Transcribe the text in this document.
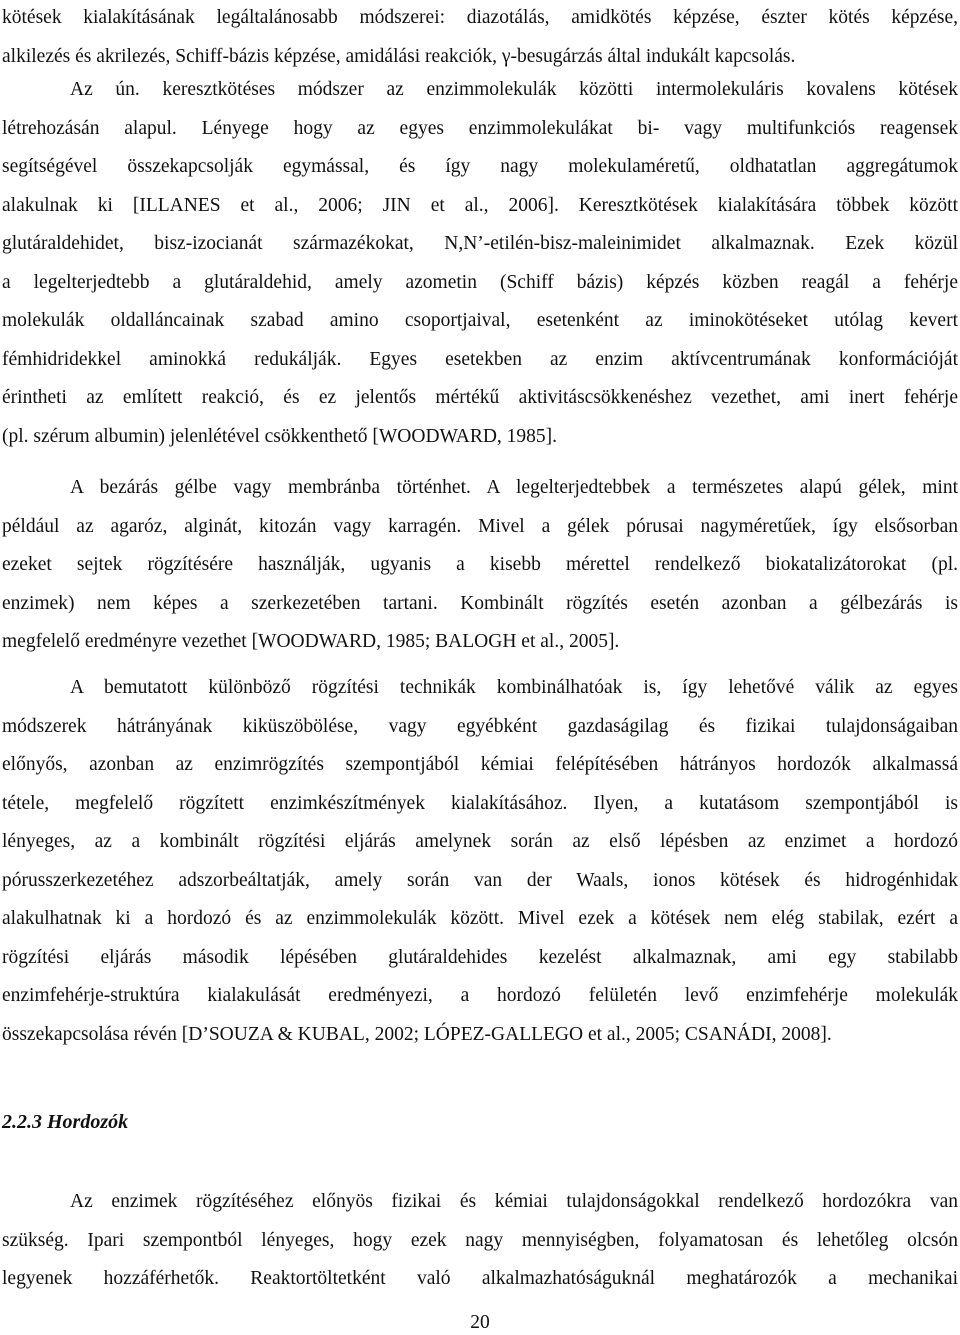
kötések kialakításának legáltalánosabb módszerei: diazotálás, amidkötés képzése, észter kötés képzése,
alkilezés és akrilezés, Schiff-bázis képzése, amidálási reakciók, γ-besugárzás által indukált kapcsolás.
Az ún. keresztkötéses módszer az enzimmolekulák közötti intermolekuláris kovalens kötések
létrehozásán alapul. Lényege hogy az egyes enzimmolekulákat bi- vagy multifunkciós reagensek
segítségével összekapcsolják egymással, és így nagy molekulaméretű, oldhatatlan aggregátumok
alakulnak ki [ILLANES et al., 2006; JIN et al., 2006]. Keresztkötések kialakítására többek között
glutáraldehidet, bisz-izocianát származékokat, N,N’-etilén-bisz-maleinimidet alkalmaznak. Ezek közül
a legelterjedtebb a glutáraldehid, amely azometin (Schiff bázis) képzés közben reagál a fehérje
molekulák oldalláncainak szabad amino csoportjaival, esetenként az iminokötéseket utólag kevert
fémhidridekkel aminokká redukálják. Egyes esetekben az enzim aktívcentrumának konformációját
érintheti az említett reakció, és ez jelentős mértékű aktivitáscsökkenéshez vezethet, ami inert fehérje
(pl. szérum albumin) jelenlétével csökkenthető [WOODWARD, 1985].
A bezárás gélbe vagy membránba történhet. A legelterjedtebbek a természetes alapú gélek, mint
például az agaróz, alginát, kitozán vagy karragén. Mivel a gélek pórusai nagyméretűek, így elsősorban
ezeket sejtek rögzítésére használják, ugyanis a kisebb mérettel rendelkező biokatalizátorokat (pl.
enzimek) nem képes a szerkezetében tartani. Kombinált rögzítés esetén azonban a gélbezárás is
megfelelő eredményre vezethet [WOODWARD, 1985; BALOGH et al., 2005].
A bemutatott különböző rögzítési technikák kombinálhatóak is, így lehetővé válik az egyes
módszerek hátrányának kiküszöbölése, vagy egyébként gazdaságilag és fizikai tulajdonságaiban
előnyős, azonban az enzimrögzítés szempontjából kémiai felépítésében hátrányos hordozók alkalmassá
tétele, megfelelő rögzített enzimkészítmények kialakításához. Ilyen, a kutatásom szempontjából is
lényeges, az a kombinált rögzítési eljárás amelynek során az első lépésben az enzimet a hordozó
pórusszerkezetéhez adszorbeáltatják, amely során van der Waals, ionos kötések és hidrogénhidak
alakulhatnak ki a hordozó és az enzimmolekulák között. Mivel ezek a kötések nem elég stabilak, ezért a
rögzítési eljárás második lépésében glutáraldehides kezelést alkalmaznak, ami egy stabilabb
enzimfehérje-struktúra kialakulását eredményezi, a hordozó felületén levő enzimfehérje molekulák
összekapcsolása révén [D’SOUZA & KUBAL, 2002; LÓPEZ-GALLEGO et al., 2005; CSANÁDI, 2008].
2.2.3 Hordozók
Az enzimek rögzítéséhez előnyös fizikai és kémiai tulajdonságokkal rendelkező hordozókra van
szükség. Ipari szempontból lényeges, hogy ezek nagy mennyiségben, folyamatosan és lehetőleg olcsón
legyenek hozzáférhetők. Reaktortöltetként való alkalmazhatóságuknál meghatározók a mechanikai
20
